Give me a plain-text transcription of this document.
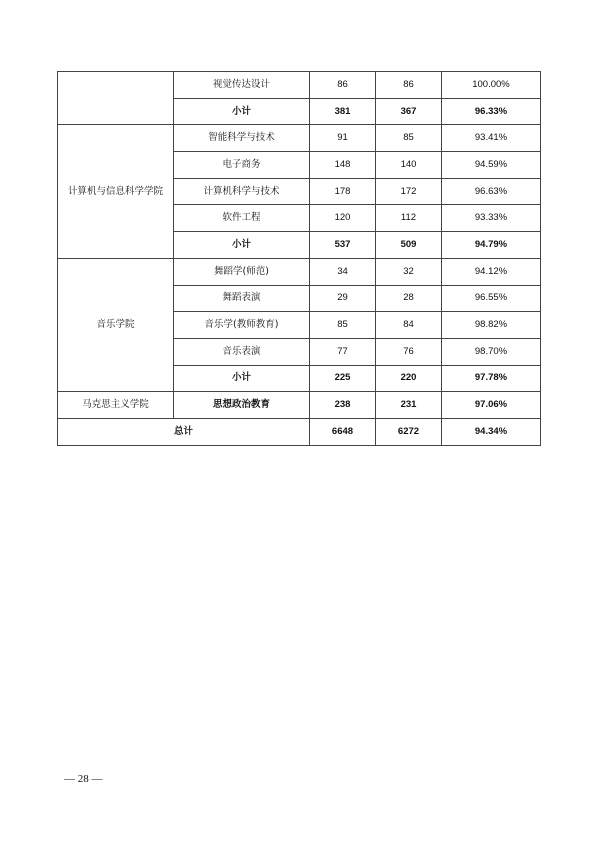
	视觉传达设计	86	86	100.00%
	小计	381	367	96.33%
计算机与信息科学学院	智能科学与技术	91	85	93.41%
	电子商务	148	140	94.59%
	计算机科学与技术	178	172	96.63%
	软件工程	120	112	93.33%
	小计	537	509	94.79%
音乐学院	舞蹈学(师范)	34	32	94.12%
	舞蹈表演	29	28	96.55%
	音乐学(教师教育)	85	84	98.82%
	音乐表演	77	76	98.70%
	小计	225	220	97.78%
马克思主义学院	思想政治教育	238	231	97.06%
总计		6648	6272	94.34%
— 28 —
